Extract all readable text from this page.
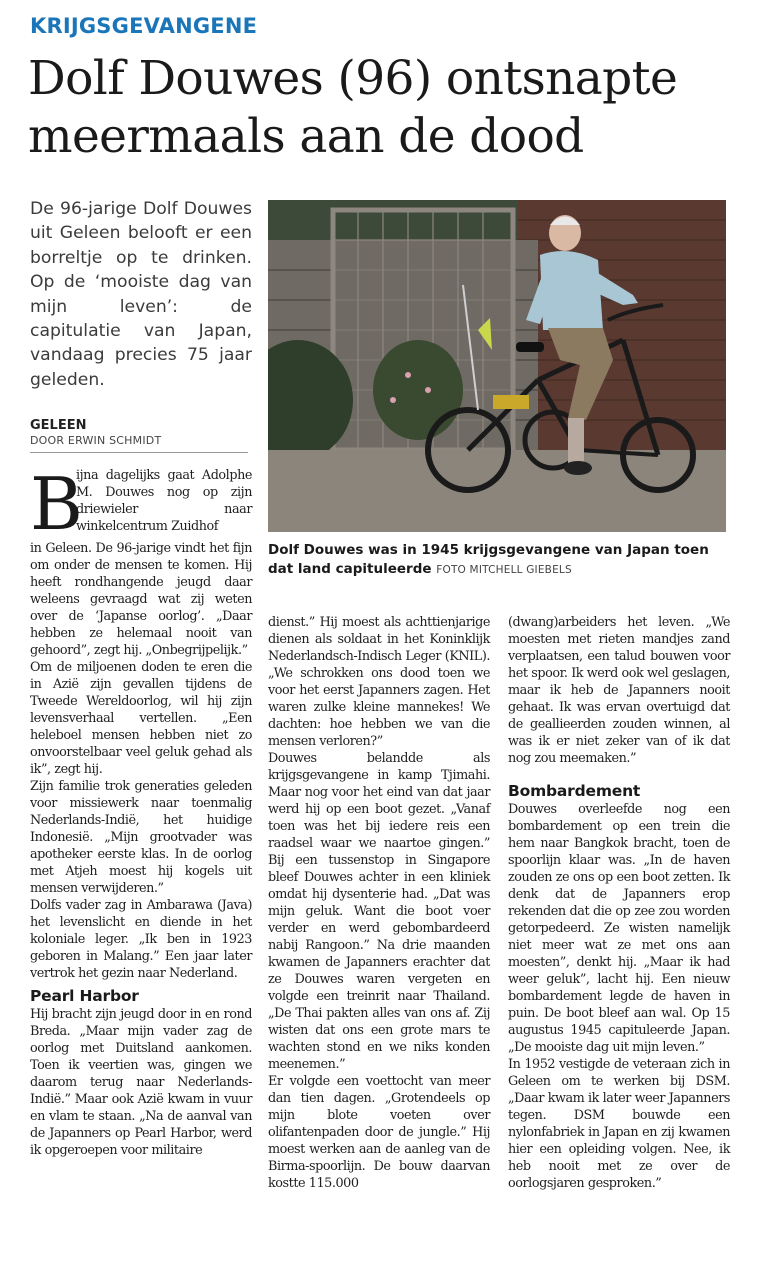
KRIJGSGEVANGENE
Dolf Douwes (96) ontsnapte meermaals aan de dood

De 96-jarige Dolf Douwes uit Geleen belooft er een borreltje op te drinken. Op de ‘mooiste dag van mijn leven’: de capitulatie van Japan, vandaag precies 75 jaar geleden.

GELEEN
DOOR ERWIN SCHMIDT

Dolf Douwes was in 1945 krijgsgevangene van Japan toen dat land capituleerde FOTO MITCHELL GIEBELS

B

ijna dagelijks gaat Adolphe M. Douwes nog op zijn driewieler naar winkelcentrum Zuidhof

in Geleen. De 96-jarige vindt het fijn om onder de mensen te komen. Hij heeft rondhangende jeugd daar weleens gevraagd wat zij weten over de ‘Japanse oorlog’. „Daar hebben ze helemaal nooit van gehoord”, zegt hij. „Onbegrijpelijk.”

Om de miljoenen doden te eren die in Azië zijn gevallen tijdens de Tweede Wereldoorlog, wil hij zijn levensverhaal vertellen. „Een heleboel mensen hebben niet zo onvoorstelbaar veel geluk gehad als ik”, zegt hij.

Zijn familie trok generaties geleden voor missiewerk naar toenmalig Nederlands-Indië, het huidige Indonesië. „Mijn grootvader was apotheker eerste klas. In de oorlog met Atjeh moest hij kogels uit mensen verwijderen.”

Dolfs vader zag in Ambarawa (Java) het levenslicht en diende in het koloniale leger. „Ik ben in 1923 geboren in Malang.” Een jaar later vertrok het gezin naar Nederland.

Pearl Harbor

Hij bracht zijn jeugd door in en rond Breda. „Maar mijn vader zag de oorlog met Duitsland aankomen. Toen ik veertien was, gingen we daarom terug naar Nederlands-Indië.” Maar ook Azië kwam in vuur en vlam te staan. „Na de aanval van de Japanners op Pearl Harbor, werd ik opgeroepen voor militaire

dienst.” Hij moest als achttienjarige dienen als soldaat in het Koninklijk Nederlandsch-Indisch Leger (KNIL). „We schrokken ons dood toen we voor het eerst Japanners zagen. Het waren zulke kleine mannekes! We dachten: hoe hebben we van die mensen verloren?”

Douwes belandde als krijgsgevangene in kamp Tjimahi. Maar nog voor het eind van dat jaar werd hij op een boot gezet. „Vanaf toen was het bij iedere reis een raadsel waar we naartoe gingen.” Bij een tussenstop in Singapore bleef Douwes achter in een kliniek omdat hij dysenterie had. „Dat was mijn geluk. Want die boot voer verder en werd gebombardeerd nabij Rangoon.” Na drie maanden kwamen de Japanners erachter dat ze Douwes waren vergeten en volgde een treinrit naar Thailand. „De Thai pakten alles van ons af. Zij wisten dat ons een grote mars te wachten stond en we niks konden meenemen.”

Er volgde een voettocht van meer dan tien dagen. „Grotendeels op mijn blote voeten over olifantenpaden door de jungle.” Hij moest werken aan de aanleg van de Birma-spoorlijn. De bouw daarvan kostte 115.000

(dwang)arbeiders het leven. „We moesten met rieten mandjes zand verplaatsen, een talud bouwen voor het spoor. Ik werd ook wel geslagen, maar ik heb de Japanners nooit gehaat. Ik was ervan overtuigd dat de geallieerden zouden winnen, al was ik er niet zeker van of ik dat nog zou meemaken.”

Bombardement

Douwes overleefde nog een bombardement op een trein die hem naar Bangkok bracht, toen de spoorlijn klaar was. „In de haven zouden ze ons op een boot zetten. Ik denk dat de Japanners erop rekenden dat die op zee zou worden getorpedeerd. Ze wisten namelijk niet meer wat ze met ons aan moesten”, denkt hij. „Maar ik had weer geluk”, lacht hij. Een nieuw bombardement legde de haven in puin. De boot bleef aan wal. Op 15 augustus 1945 capituleerde Japan. „De mooiste dag uit mijn leven.”

In 1952 vestigde de veteraan zich in Geleen om te werken bij DSM. „Daar kwam ik later weer Japanners tegen. DSM bouwde een nylonfabriek in Japan en zij kwamen hier een opleiding volgen. Nee, ik heb nooit met ze over de oorlogsjaren gesproken.”
